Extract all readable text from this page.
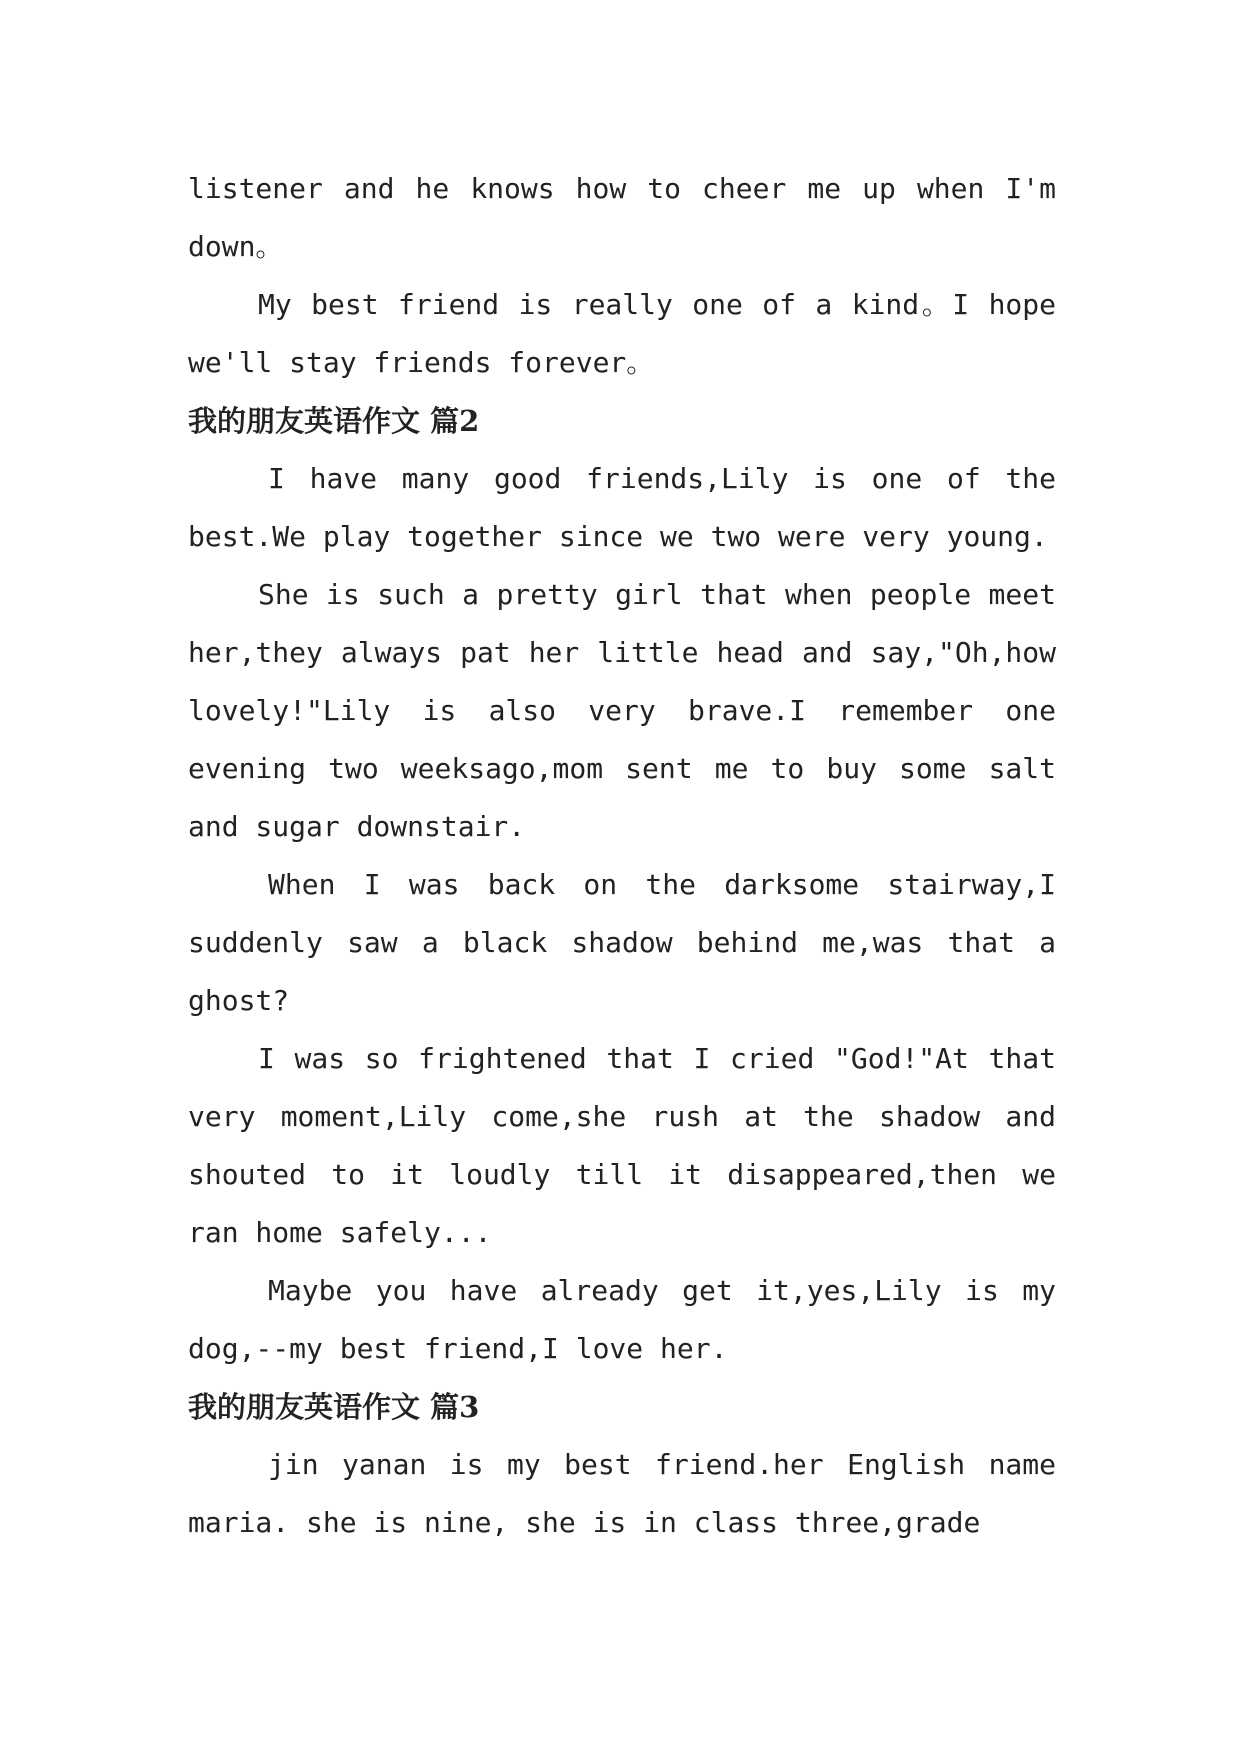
listener and he knows how to cheer me up when I'm down。

My best friend is really one of a kind。I hope we'll stay friends forever。

我的朋友英语作文 篇2

I have many good friends,Lily is one of the best.We play together since we two were very young.

She is such a pretty girl that when people meet her,they always pat her little head and say,"Oh,how lovely!"Lily is also very brave.I remember one evening two weeksago,mom sent me to buy some salt and sugar downstair.

When I was back on the darksome stairway,I suddenly saw a black shadow behind me,was that a ghost?

I was so frightened that I cried "God!"At that very moment,Lily come,she rush at the shadow and shouted to it loudly till it disappeared,then we ran home safely...

Maybe you have already get it,yes,Lily is my dog,--my best friend,I love her.

我的朋友英语作文 篇3

jin yanan is my best friend.her English name maria. she is nine, she is in class three,grade
